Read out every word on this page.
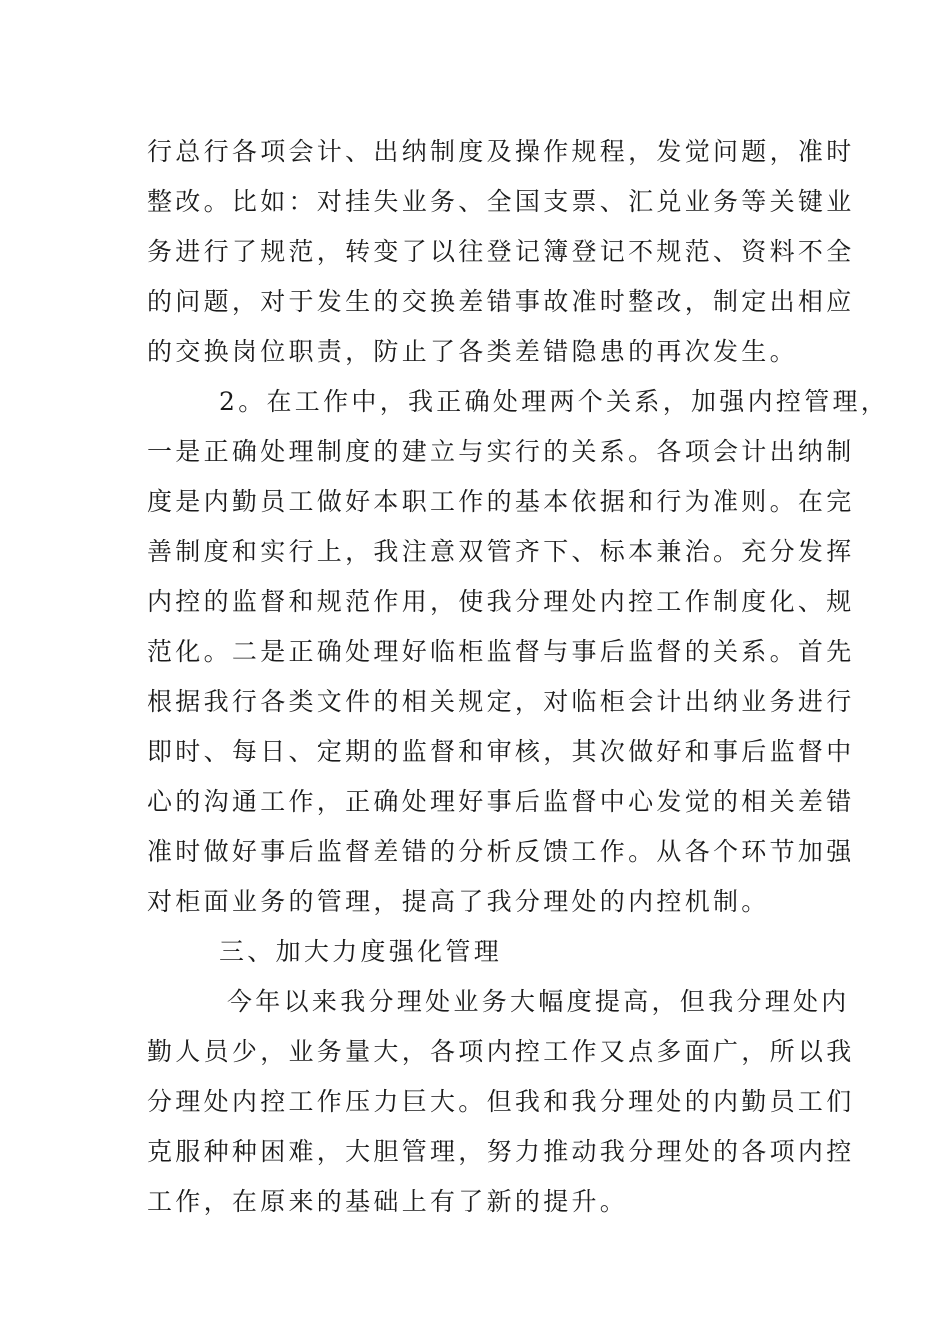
行总行各项会计、出纳制度及操作规程，发觉问题，准时
整改。比如：对挂失业务、全国支票、汇兑业务等关键业
务进行了规范，转变了以往登记簿登记不规范、资料不全
的问题，对于发生的交换差错事故准时整改，制定出相应
的交换岗位职责，防止了各类差错隐患的再次发生。
2。在工作中，我正确处理两个关系，加强内控管理，
一是正确处理制度的建立与实行的关系。各项会计出纳制
度是内勤员工做好本职工作的基本依据和行为准则。在完
善制度和实行上，我注意双管齐下、标本兼治。充分发挥
内控的监督和规范作用，使我分理处内控工作制度化、规
范化。二是正确处理好临柜监督与事后监督的关系。首先
根据我行各类文件的相关规定，对临柜会计出纳业务进行
即时、每日、定期的监督和审核，其次做好和事后监督中
心的沟通工作，正确处理好事后监督中心发觉的相关差错
准时做好事后监督差错的分析反馈工作。从各个环节加强
对柜面业务的管理，提高了我分理处的内控机制。
三、加大力度强化管理
今年以来我分理处业务大幅度提高，但我分理处内
勤人员少，业务量大，各项内控工作又点多面广，所以我
分理处内控工作压力巨大。但我和我分理处的内勤员工们
克服种种困难，大胆管理，努力推动我分理处的各项内控
工作，在原来的基础上有了新的提升。
